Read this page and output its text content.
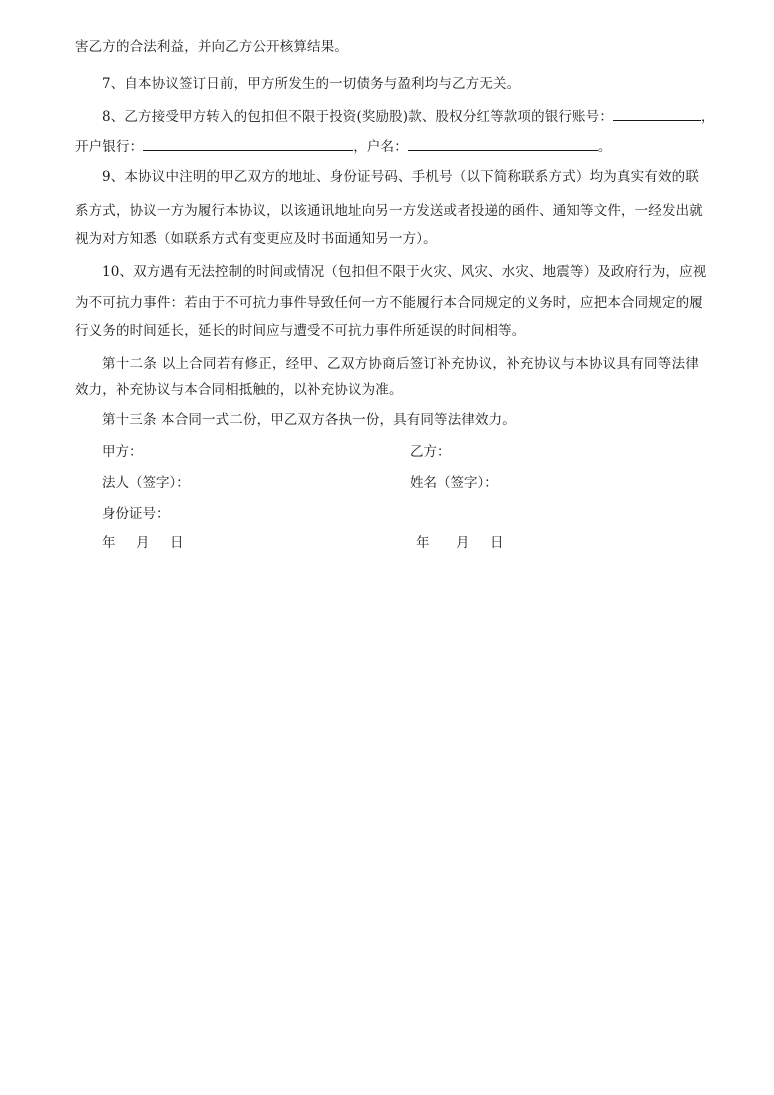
害乙方的合法利益，并向乙方公开核算结果。
7、自本协议签订日前，甲方所发生的一切债务与盈利均与乙方无关。
8、乙方接受甲方转入的包扣但不限于投资(奖励股)款、股权分红等款项的银行账号：	，
开户银行：	，户名：	。
9、本协议中注明的甲乙双方的地址、身份证号码、手机号（以下简称联系方式）均为真实有效的联
系方式，协议一方为履行本协议，以该通讯地址向另一方发送或者投递的函件、通知等文件，一经发出就
视为对方知悉（如联系方式有变更应及时书面通知另一方）。
10、双方遇有无法控制的时间或情况（包扣但不限于火灾、风灾、水灾、地震等）及政府行为，应视
为不可抗力事件：若由于不可抗力事件导致任何一方不能履行本合同规定的义务时，应把本合同规定的履
行义务的时间延长，延长的时间应与遭受不可抗力事件所延误的时间相等。
第十二条 以上合同若有修正，经甲、乙双方协商后签订补充协议，补充协议与本协议具有同等法律
效力，补充协议与本合同相抵触的，以补充协议为准。
第十三条 本合同一式二份，甲乙双方各执一份，具有同等法律效力。
甲方：	乙方：
法人（签字）：	姓名（签字）：
身份证号：
年 月 日	年 月 日
